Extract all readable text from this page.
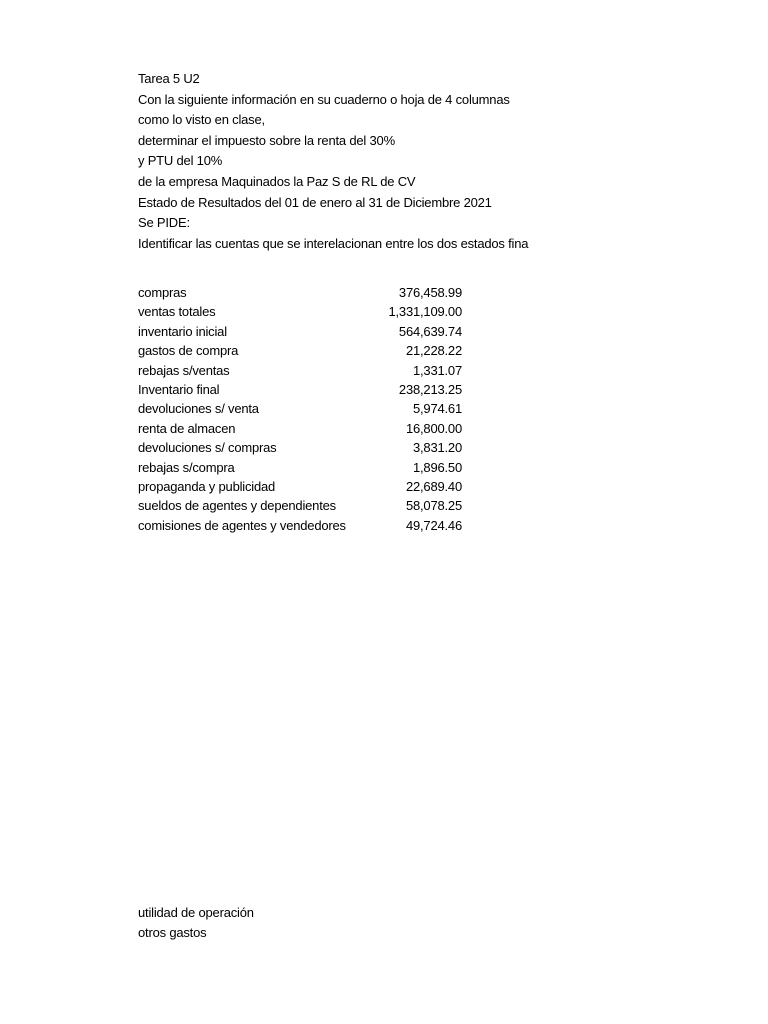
Tarea 5 U2
Con la siguiente información en su cuaderno o hoja de 4 columnas
como lo visto en clase,
determinar el impuesto sobre la renta del 30%
y PTU del 10%
de la empresa Maquinados la Paz S de RL de CV
Estado de Resultados del 01 de enero al 31 de Diciembre 2021
Se PIDE:
Identificar las cuentas que se interelacionan entre los dos estados fina
compras	376,458.99
ventas totales	1,331,109.00
inventario inicial	564,639.74
gastos de compra	21,228.22
rebajas s/ventas	1,331.07
Inventario final	238,213.25
devoluciones s/ venta	5,974.61
renta de almacen	16,800.00
devoluciones s/ compras	3,831.20
rebajas s/compra	1,896.50
propaganda y publicidad	22,689.40
sueldos de agentes y dependientes	58,078.25
comisiones de agentes y vendedores	49,724.46
utilidad de operación
otros gastos
